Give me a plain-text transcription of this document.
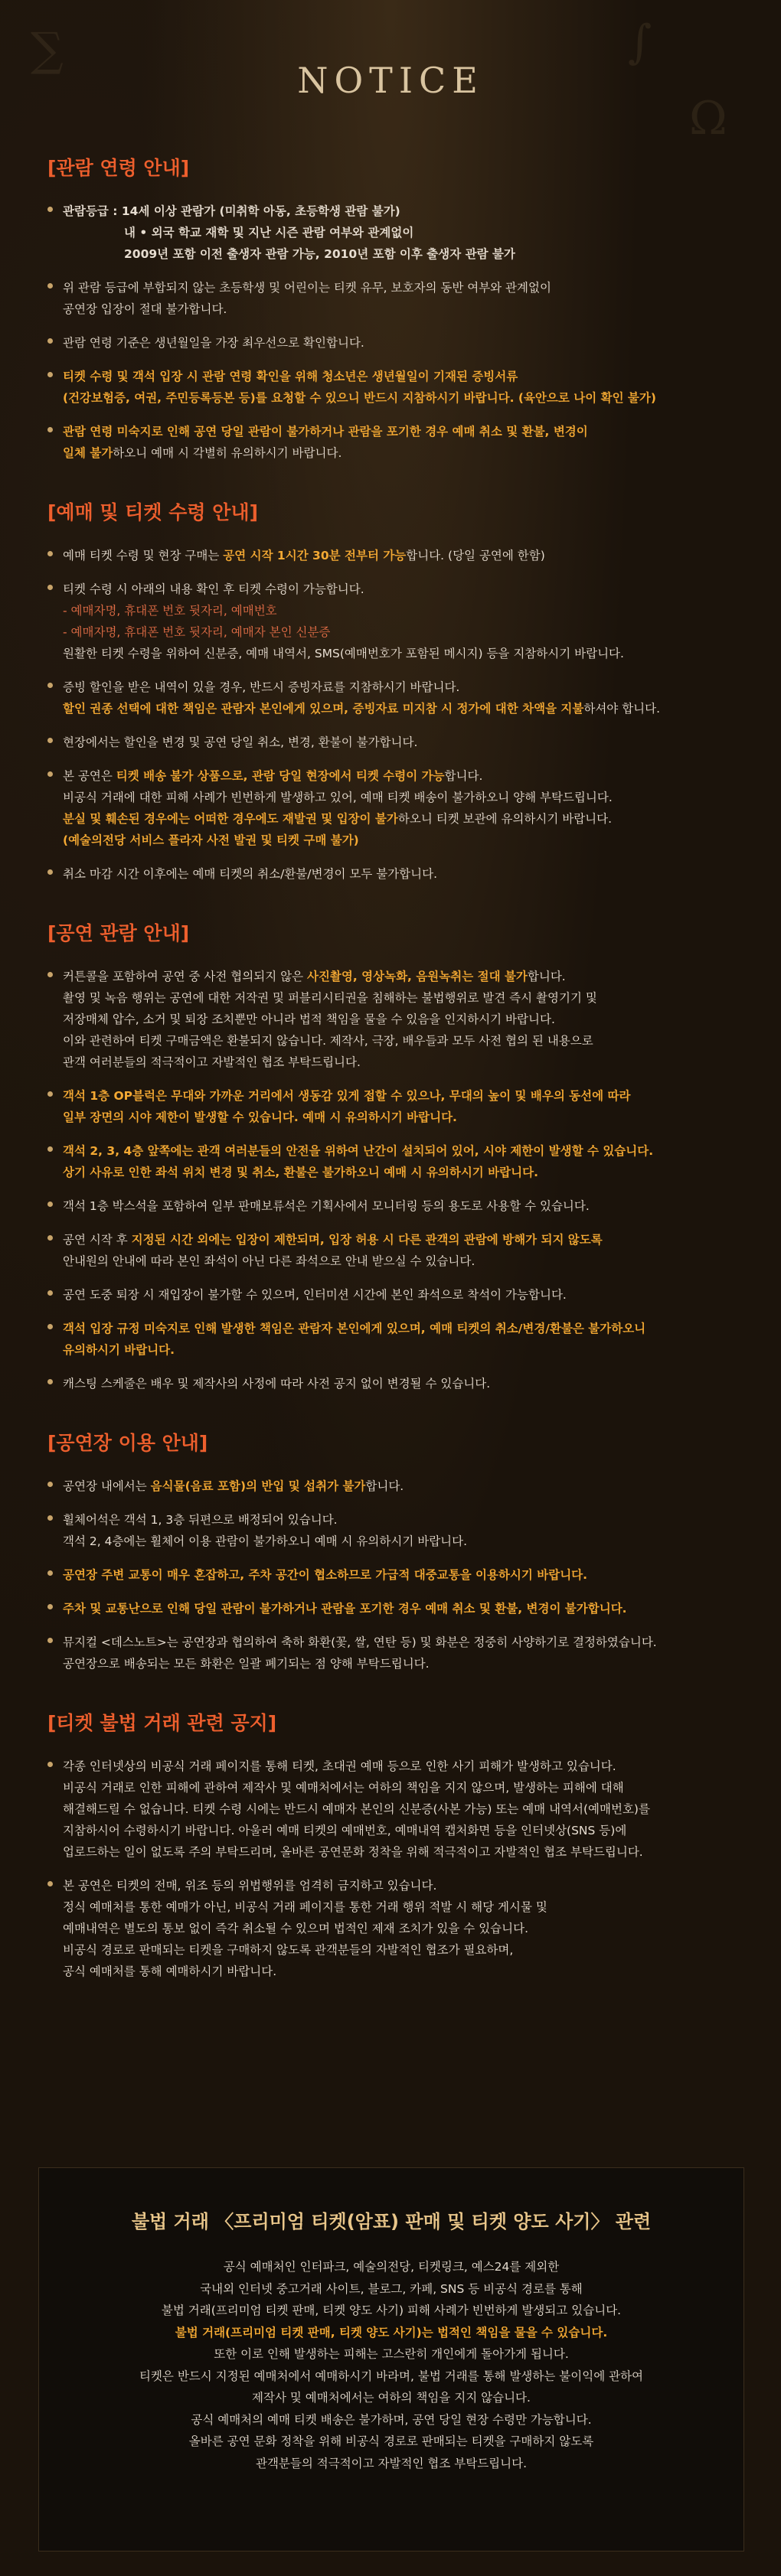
∑	∫
Ω
NOTICE
[관람 연령 안내]
관람등급 : 14세 이상 관람가 (미취학 아동, 초등학생 관람 불가)
내 • 외국 학교 재학 및 지난 시즌 관람 여부와 관계없이
2009년 포함 이전 출생자 관람 가능, 2010년 포함 이후 출생자 관람 불가
위 관람 등급에 부합되지 않는 초등학생 및 어린이는 티켓 유무, 보호자의 동반 여부와 관계없이
공연장 입장이 절대 불가합니다.
관람 연령 기준은 생년월일을 가장 최우선으로 확인합니다.
티켓 수령 및 객석 입장 시 관람 연령 확인을 위해 청소년은 생년월일이 기재된 증빙서류
(건강보험증, 여권, 주민등록등본 등)를 요청할 수 있으니 반드시 지참하시기 바랍니다. (육안으로 나이 확인 불가)
관람 연령 미숙지로 인해 공연 당일 관람이 불가하거나 관람을 포기한 경우 예매 취소 및 환불, 변경이
일체 불가하오니 예매 시 각별히 유의하시기 바랍니다.
[예매 및 티켓 수령 안내]
예매 티켓 수령 및 현장 구매는 공연 시작 1시간 30분 전부터 가능합니다. (당일 공연에 한함)
티켓 수령 시 아래의 내용 확인 후 티켓 수령이 가능합니다.
- 예매자명, 휴대폰 번호 뒷자리, 예매번호
- 예매자명, 휴대폰 번호 뒷자리, 예매자 본인 신분증
원활한 티켓 수령을 위하여 신분증, 예매 내역서, SMS(예매번호가 포함된 메시지) 등을 지참하시기 바랍니다.
증빙 할인을 받은 내역이 있을 경우, 반드시 증빙자료를 지참하시기 바랍니다.
할인 권종 선택에 대한 책임은 관람자 본인에게 있으며, 증빙자료 미지참 시 정가에 대한 차액을 지불하셔야 합니다.
현장에서는 할인을 변경 및 공연 당일 취소, 변경, 환불이 불가합니다.
본 공연은 티켓 배송 불가 상품으로, 관람 당일 현장에서 티켓 수령이 가능합니다.
비공식 거래에 대한 피해 사례가 빈번하게 발생하고 있어, 예매 티켓 배송이 불가하오니 양해 부탁드립니다.
분실 및 훼손된 경우에는 어떠한 경우에도 재발권 및 입장이 불가하오니 티켓 보관에 유의하시기 바랍니다.
(예술의전당 서비스 플라자 사전 발권 및 티켓 구매 불가)
취소 마감 시간 이후에는 예매 티켓의 취소/환불/변경이 모두 불가합니다.
[공연 관람 안내]
커튼콜을 포함하여 공연 중 사전 협의되지 않은 사진촬영, 영상녹화, 음원녹취는 절대 불가합니다.
촬영 및 녹음 행위는 공연에 대한 저작권 및 퍼블리시티권을 침해하는 불법행위로 발견 즉시 촬영기기 및
저장매체 압수, 소거 및 퇴장 조치뿐만 아니라 법적 책임을 물을 수 있음을 인지하시기 바랍니다.
이와 관련하여 티켓 구매금액은 환불되지 않습니다. 제작사, 극장, 배우들과 모두 사전 협의 된 내용으로
관객 여러분들의 적극적이고 자발적인 협조 부탁드립니다.
객석 1층 OP블럭은 무대와 가까운 거리에서 생동감 있게 접할 수 있으나, 무대의 높이 및 배우의 동선에 따라
일부 장면의 시야 제한이 발생할 수 있습니다. 예매 시 유의하시기 바랍니다.
객석 2, 3, 4층 앞쪽에는 관객 여러분들의 안전을 위하여 난간이 설치되어 있어, 시야 제한이 발생할 수 있습니다.
상기 사유로 인한 좌석 위치 변경 및 취소, 환불은 불가하오니 예매 시 유의하시기 바랍니다.
객석 1층 박스석을 포함하여 일부 판매보류석은 기획사에서 모니터링 등의 용도로 사용할 수 있습니다.
공연 시작 후 지정된 시간 외에는 입장이 제한되며, 입장 허용 시 다른 관객의 관람에 방해가 되지 않도록
안내원의 안내에 따라 본인 좌석이 아닌 다른 좌석으로 안내 받으실 수 있습니다.
공연 도중 퇴장 시 재입장이 불가할 수 있으며, 인터미션 시간에 본인 좌석으로 착석이 가능합니다.
객석 입장 규정 미숙지로 인해 발생한 책임은 관람자 본인에게 있으며, 예매 티켓의 취소/변경/환불은 불가하오니
유의하시기 바랍니다.
캐스팅 스케줄은 배우 및 제작사의 사정에 따라 사전 공지 없이 변경될 수 있습니다.
[공연장 이용 안내]
공연장 내에서는 음식물(음료 포함)의 반입 및 섭취가 불가합니다.
휠체어석은 객석 1, 3층 뒤편으로 배정되어 있습니다.
객석 2, 4층에는 휠체어 이용 관람이 불가하오니 예매 시 유의하시기 바랍니다.
공연장 주변 교통이 매우 혼잡하고, 주차 공간이 협소하므로 가급적 대중교통을 이용하시기 바랍니다.
주차 및 교통난으로 인해 당일 관람이 불가하거나 관람을 포기한 경우 예매 취소 및 환불, 변경이 불가합니다.
뮤지컬 <데스노트>는 공연장과 협의하여 축하 화환(꽃, 쌀, 연탄 등) 및 화분은 정중히 사양하기로 결정하였습니다.
공연장으로 배송되는 모든 화환은 일괄 폐기되는 점 양해 부탁드립니다.
[티켓 불법 거래 관련 공지]
각종 인터넷상의 비공식 거래 페이지를 통해 티켓, 초대권 예매 등으로 인한 사기 피해가 발생하고 있습니다.
비공식 거래로 인한 피해에 관하여 제작사 및 예매처에서는 여하의 책임을 지지 않으며, 발생하는 피해에 대해
해결해드릴 수 없습니다. 티켓 수령 시에는 반드시 예매자 본인의 신분증(사본 가능) 또는 예매 내역서(예매번호)를
지참하시어 수령하시기 바랍니다. 아울러 예매 티켓의 예매번호, 예매내역 캡처화면 등을 인터넷상(SNS 등)에
업로드하는 일이 없도록 주의 부탁드리며, 올바른 공연문화 정착을 위해 적극적이고 자발적인 협조 부탁드립니다.
본 공연은 티켓의 전매, 위조 등의 위법행위를 엄격히 금지하고 있습니다.
정식 예매처를 통한 예매가 아닌, 비공식 거래 페이지를 통한 거래 행위 적발 시 해당 게시물 및
예매내역은 별도의 통보 없이 즉각 취소될 수 있으며 법적인 제재 조치가 있을 수 있습니다.
비공식 경로로 판매되는 티켓을 구매하지 않도록 관객분들의 자발적인 협조가 필요하며,
공식 예매처를 통해 예매하시기 바랍니다.
불법 거래 〈프리미엄 티켓(암표) 판매 및 티켓 양도 사기〉 관련
공식 예매처인 인터파크, 예술의전당, 티켓링크, 예스24를 제외한
국내외 인터넷 중고거래 사이트, 블로그, 카페, SNS 등 비공식 경로를 통해
불법 거래(프리미엄 티켓 판매, 티켓 양도 사기) 피해 사례가 빈번하게 발생되고 있습니다.
불법 거래(프리미엄 티켓 판매, 티켓 양도 사기)는 법적인 책임을 물을 수 있습니다.
또한 이로 인해 발생하는 피해는 고스란히 개인에게 돌아가게 됩니다.
티켓은 반드시 지정된 예매처에서 예매하시기 바라며, 불법 거래를 통해 발생하는 불이익에 관하여
제작사 및 예매처에서는 여하의 책임을 지지 않습니다.
공식 예매처의 예매 티켓 배송은 불가하며, 공연 당일 현장 수령만 가능합니다.
올바른 공연 문화 정착을 위해 비공식 경로로 판매되는 티켓을 구매하지 않도록
관객분들의 적극적이고 자발적인 협조 부탁드립니다.
